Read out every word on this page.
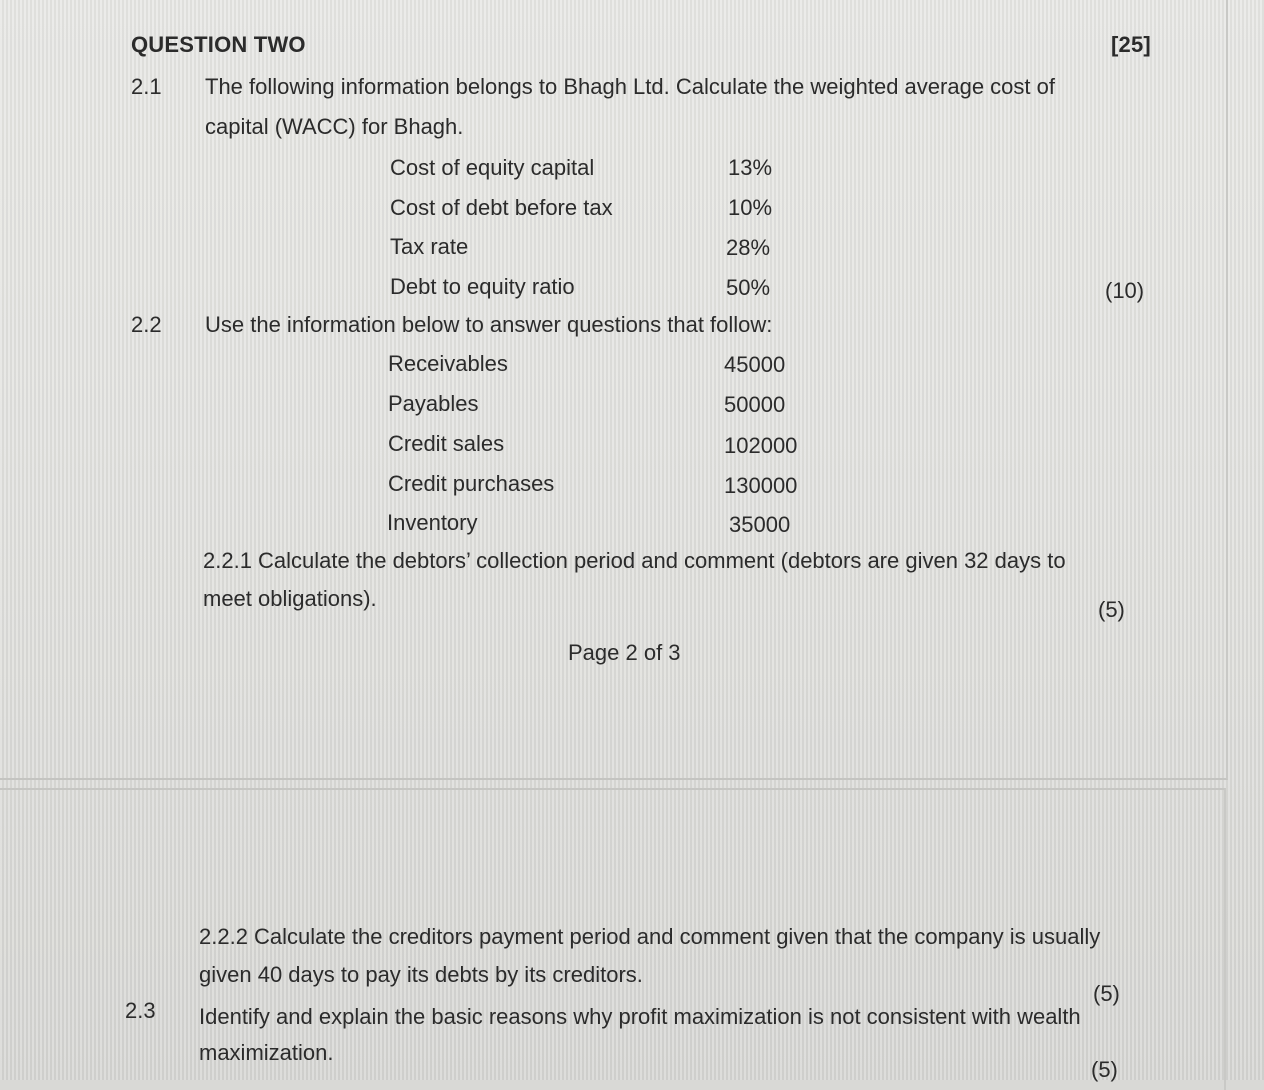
QUESTION TWO	[25]
2.1 The following information belongs to Bhagh Ltd. Calculate the weighted average cost of
capital (WACC) for Bhagh.
Cost of equity capital	13%
Cost of debt before tax	10%
Tax rate	28%
Debt to equity ratio	50%	(10)
2.2 Use the information below to answer questions that follow:
Receivables	45000
Payables	50000
Credit sales	102000
Credit purchases	130000
Inventory	35000
2.2.1 Calculate the debtors’ collection period and comment (debtors are given 32 days to
meet obligations).	(5)
Page 2 of 3
2.2.2 Calculate the creditors payment period and comment given that the company is usually
given 40 days to pay its debts by its creditors.
(5)
2.3 Identify and explain the basic reasons why profit maximization is not consistent with wealth
maximization.
(5)
